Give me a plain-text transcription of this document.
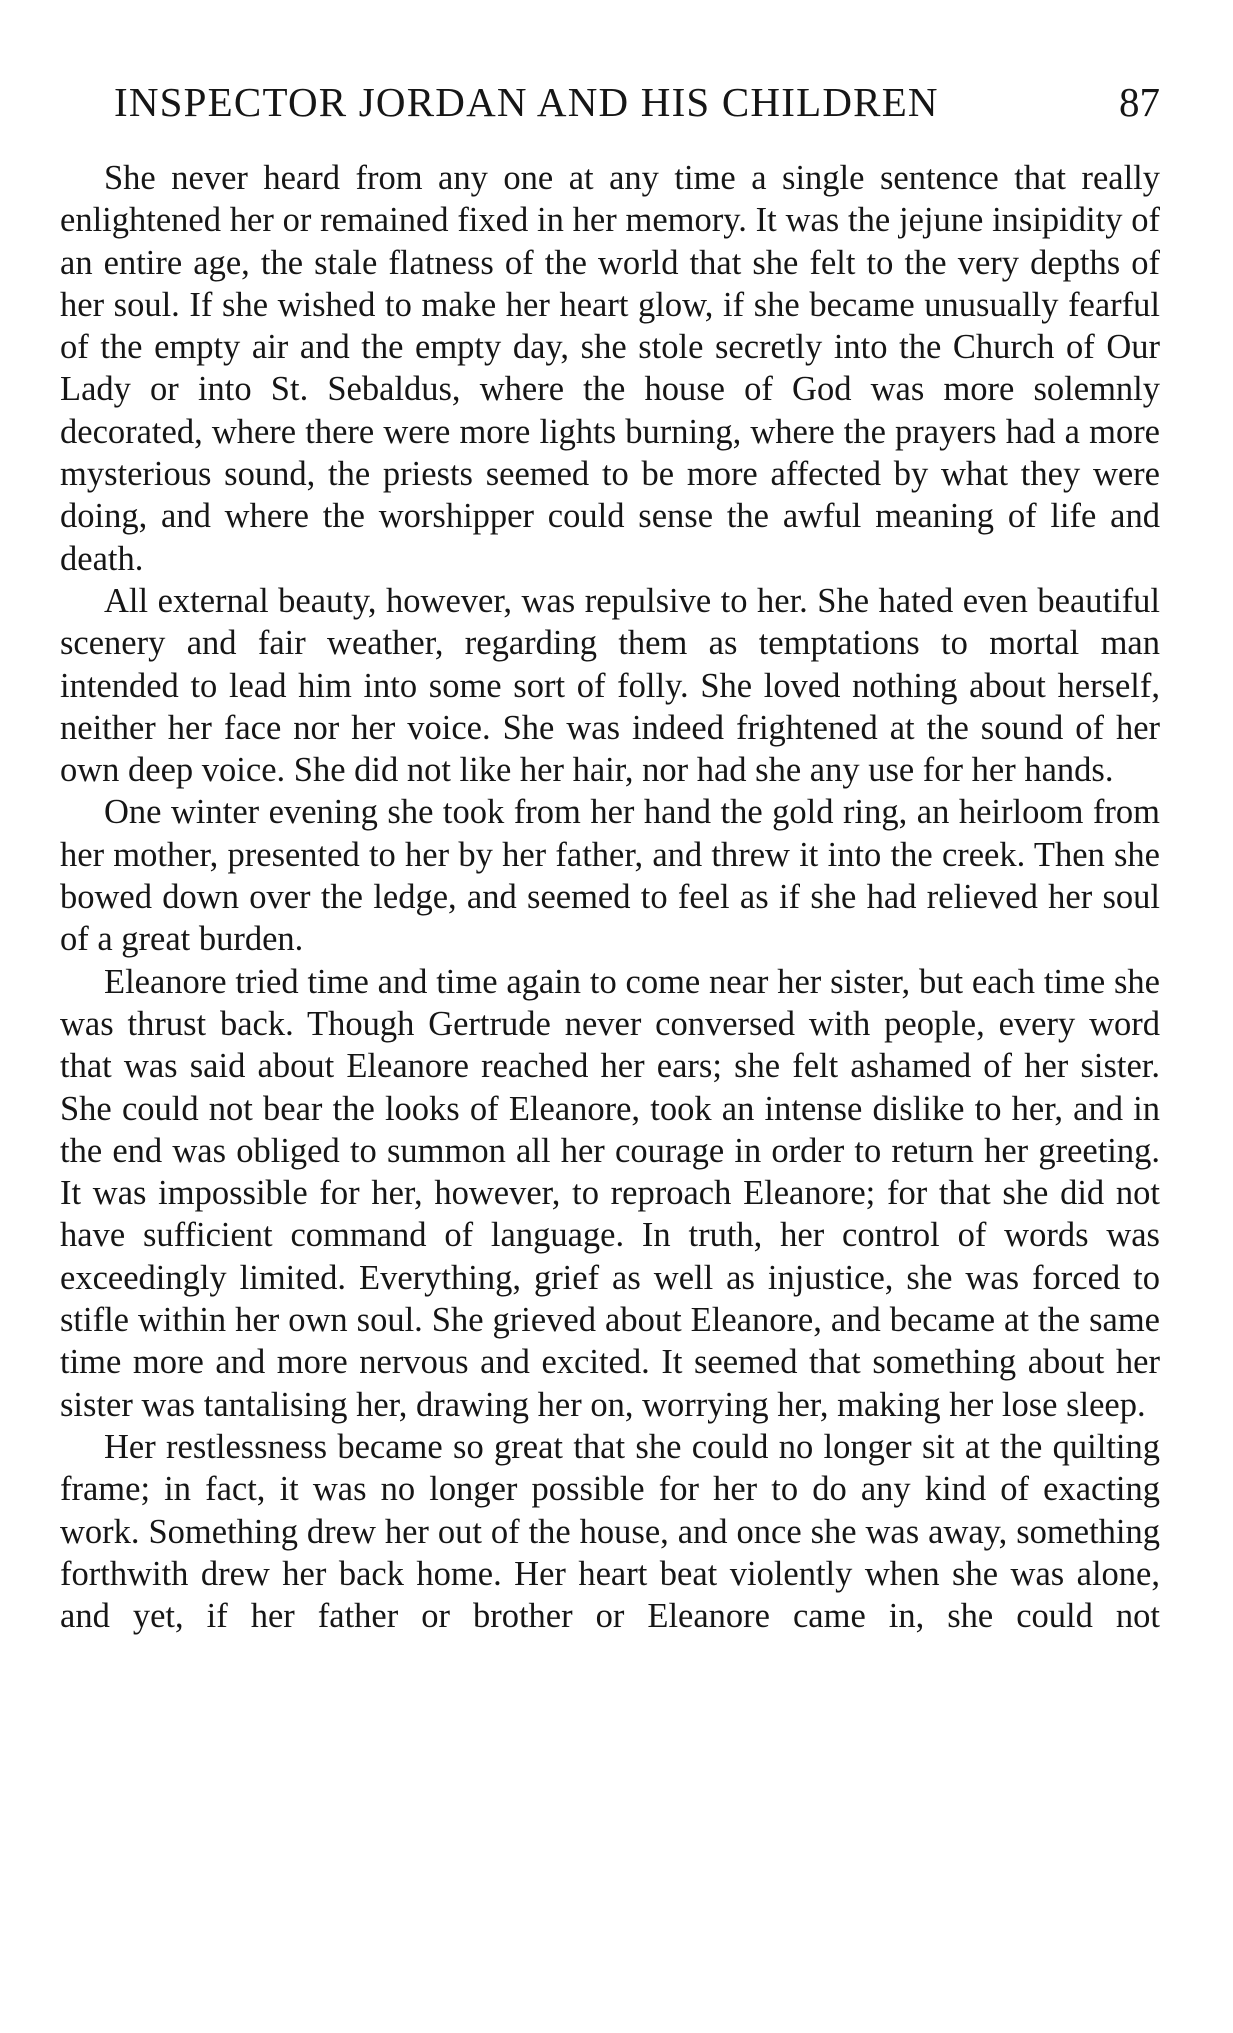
INSPECTOR JORDAN AND HIS CHILDREN	87

She never heard from any one at any time a single sentence that really enlightened her or remained fixed in her memory. It was the jejune insipidity of an entire age, the stale flatness of the world that she felt to the very depths of her soul. If she wished to make her heart glow, if she became unusually fearful of the empty air and the empty day, she stole secretly into the Church of Our Lady or into St. Sebaldus, where the house of God was more solemnly decorated, where there were more lights burning, where the prayers had a more mysterious sound, the priests seemed to be more affected by what they were doing, and where the worshipper could sense the awful meaning of life and death.

All external beauty, however, was repulsive to her. She hated even beautiful scenery and fair weather, regarding them as temptations to mortal man intended to lead him into some sort of folly. She loved nothing about herself, neither her face nor her voice. She was indeed frightened at the sound of her own deep voice. She did not like her hair, nor had she any use for her hands.

One winter evening she took from her hand the gold ring, an heirloom from her mother, presented to her by her father, and threw it into the creek. Then she bowed down over the ledge, and seemed to feel as if she had relieved her soul of a great burden.

Eleanore tried time and time again to come near her sister, but each time she was thrust back. Though Gertrude never conversed with people, every word that was said about Eleanore reached her ears; she felt ashamed of her sister. She could not bear the looks of Eleanore, took an intense dislike to her, and in the end was obliged to summon all her courage in order to return her greeting. It was impossible for her, however, to reproach Eleanore; for that she did not have sufficient command of language. In truth, her control of words was exceedingly limited. Everything, grief as well as injustice, she was forced to stifle within her own soul. She grieved about Eleanore, and became at the same time more and more nervous and excited. It seemed that something about her sister was tantalising her, drawing her on, worrying her, making her lose sleep.

Her restlessness became so great that she could no longer sit at the quilting frame; in fact, it was no longer possible for her to do any kind of exacting work. Something drew her out of the house, and once she was away, something forthwith drew her back home. Her heart beat violently when she was alone, and yet, if her father or brother or Eleanore came in, she could not
